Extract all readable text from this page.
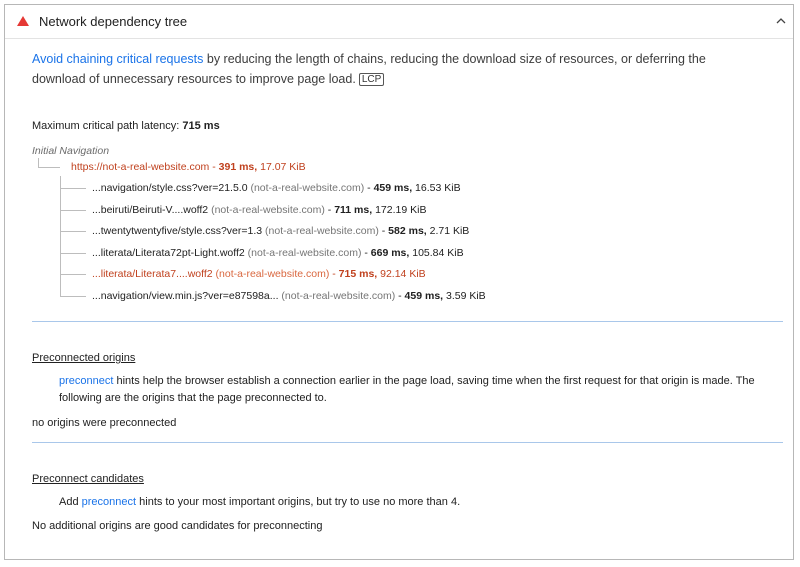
Network dependency tree
Avoid chaining critical requests by reducing the length of chains, reducing the download size of resources, or deferring the download of unnecessary resources to improve page load. LCP
Maximum critical path latency: 715 ms
Initial Navigation
https://not-a-real-website.com - 391 ms, 17.07 KiB
...navigation/style.css?ver=21.5.0 (not-a-real-website.com) - 459 ms, 16.53 KiB
...beiruti/Beiruti-V....woff2 (not-a-real-website.com) - 711 ms, 172.19 KiB
...twentytwentyfive/style.css?ver=1.3 (not-a-real-website.com) - 582 ms, 2.71 KiB
...literata/Literata72pt-Light.woff2 (not-a-real-website.com) - 669 ms, 105.84 KiB
...literata/Literata7....woff2 (not-a-real-website.com) - 715 ms, 92.14 KiB
...navigation/view.min.js?ver=e87598a... (not-a-real-website.com) - 459 ms, 3.59 KiB
Preconnected origins
preconnect hints help the browser establish a connection earlier in the page load, saving time when the first request for that origin is made. The following are the origins that the page preconnected to.
no origins were preconnected
Preconnect candidates
Add preconnect hints to your most important origins, but try to use no more than 4.
No additional origins are good candidates for preconnecting
